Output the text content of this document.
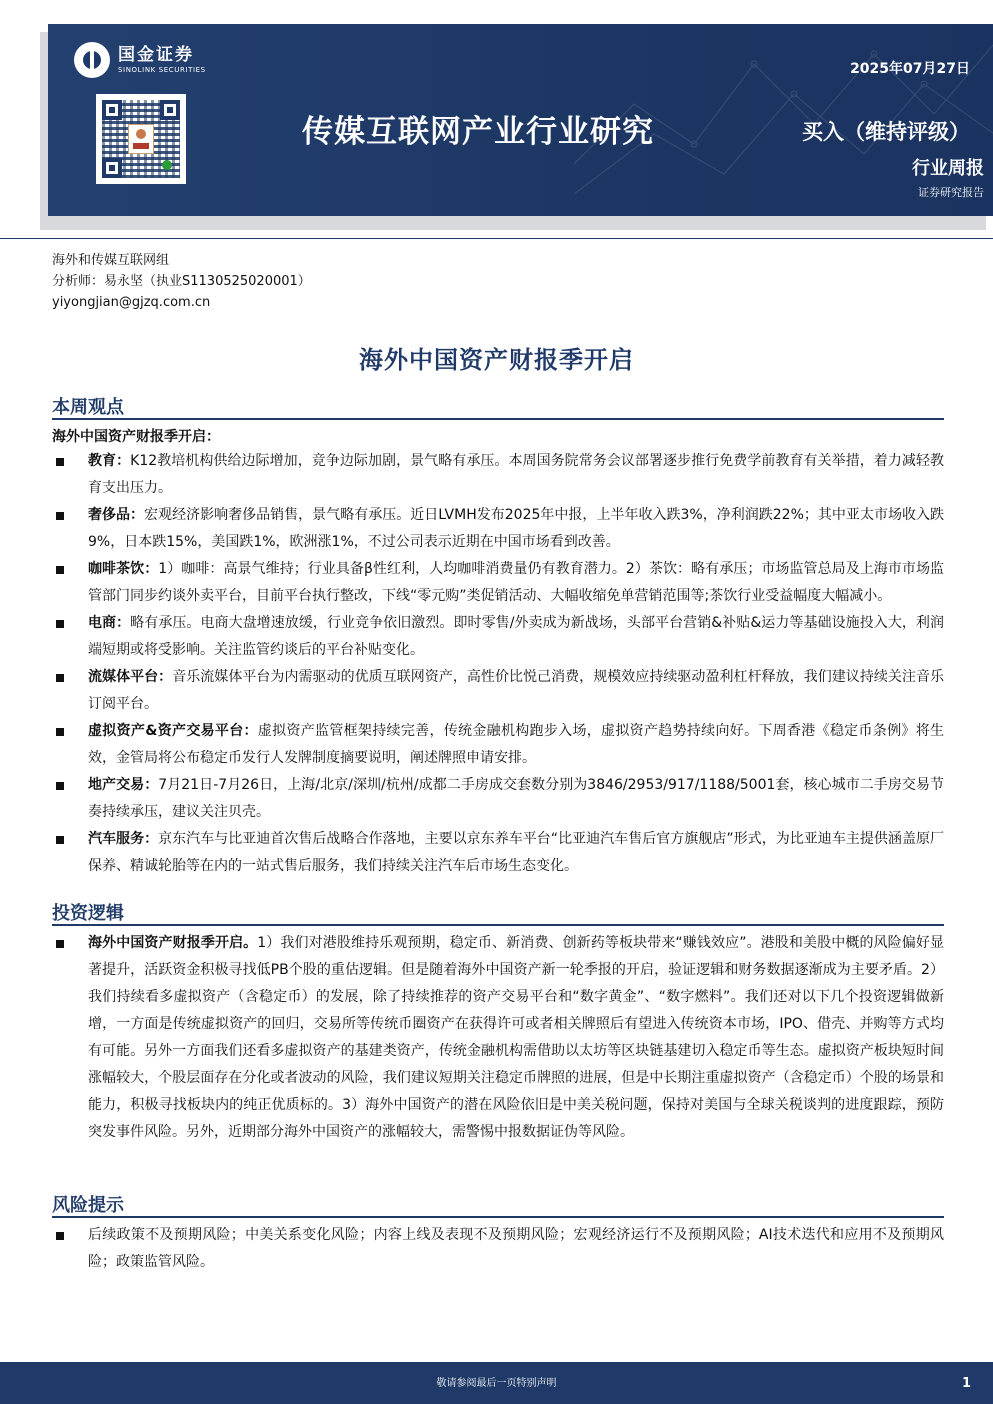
国金证券
SINOLINK SECURITIES	2025年07月27日
传媒互联网产业行业研究	买入（维持评级）
行业周报
证券研究报告
海外和传媒互联网组
分析师：易永坚（执业S1130525020001）
yiyongjian@gjzq.com.cn
海外中国资产财报季开启
本周观点
海外中国资产财报季开启：
教育：K12教培机构供给边际增加，竞争边际加剧，景气略有承压。本周国务院常务会议部署逐步推行免费学前教育有关举措，着力减轻教育支出压力。
奢侈品：宏观经济影响奢侈品销售，景气略有承压。近日LVMH发布2025年中报，上半年收入跌3%，净利润跌22%；其中亚太市场收入跌9%，日本跌15%，美国跌1%，欧洲涨1%，不过公司表示近期在中国市场看到改善。
咖啡茶饮：1）咖啡：高景气维持；行业具备β性红利，人均咖啡消费量仍有教育潜力。2）茶饮：略有承压；市场监管总局及上海市市场监管部门同步约谈外卖平台，目前平台执行整改，下线“零元购”类促销活动、大幅收缩免单营销范围等;茶饮行业受益幅度大幅减小。
电商：略有承压。电商大盘增速放缓，行业竞争依旧激烈。即时零售/外卖成为新战场，头部平台营销&补贴&运力等基础设施投入大，利润端短期或将受影响。关注监管约谈后的平台补贴变化。
流媒体平台：音乐流媒体平台为内需驱动的优质互联网资产，高性价比悦己消费，规模效应持续驱动盈利杠杆释放，我们建议持续关注音乐订阅平台。
虚拟资产&资产交易平台：虚拟资产监管框架持续完善，传统金融机构跑步入场，虚拟资产趋势持续向好。下周香港《稳定币条例》将生效，金管局将公布稳定币发行人发牌制度摘要说明，阐述牌照申请安排。
地产交易：7月21日-7月26日，上海/北京/深圳/杭州/成都二手房成交套数分别为3846/2953/917/1188/5001套，核心城市二手房交易节奏持续承压，建议关注贝壳。
汽车服务：京东汽车与比亚迪首次售后战略合作落地，主要以京东养车平台“比亚迪汽车售后官方旗舰店”形式，为比亚迪车主提供涵盖原厂保养、精诚轮胎等在内的一站式售后服务，我们持续关注汽车后市场生态变化。
投资逻辑
海外中国资产财报季开启。1）我们对港股维持乐观预期，稳定币、新消费、创新药等板块带来“赚钱效应”。港股和美股中概的风险偏好显著提升，活跃资金积极寻找低PB个股的重估逻辑。但是随着海外中国资产新一轮季报的开启，验证逻辑和财务数据逐渐成为主要矛盾。2）我们持续看多虚拟资产（含稳定币）的发展，除了持续推荐的资产交易平台和“数字黄金”、“数字燃料”。我们还对以下几个投资逻辑做新增，一方面是传统虚拟资产的回归，交易所等传统币圈资产在获得许可或者相关牌照后有望进入传统资本市场，IPO、借壳、并购等方式均有可能。另外一方面我们还看多虚拟资产的基建类资产，传统金融机构需借助以太坊等区块链基建切入稳定币等生态。虚拟资产板块短时间涨幅较大，个股层面存在分化或者波动的风险，我们建议短期关注稳定币牌照的进展，但是中长期注重虚拟资产（含稳定币）个股的场景和能力，积极寻找板块内的纯正优质标的。3）海外中国资产的潜在风险依旧是中美关税问题，保持对美国与全球关税谈判的进度跟踪，预防突发事件风险。另外，近期部分海外中国资产的涨幅较大，需警惕中报数据证伪等风险。
风险提示
后续政策不及预期风险；中美关系变化风险；内容上线及表现不及预期风险；宏观经济运行不及预期风险；AI技术迭代和应用不及预期风险；政策监管风险。
敬请参阅最后一页特别声明	1
